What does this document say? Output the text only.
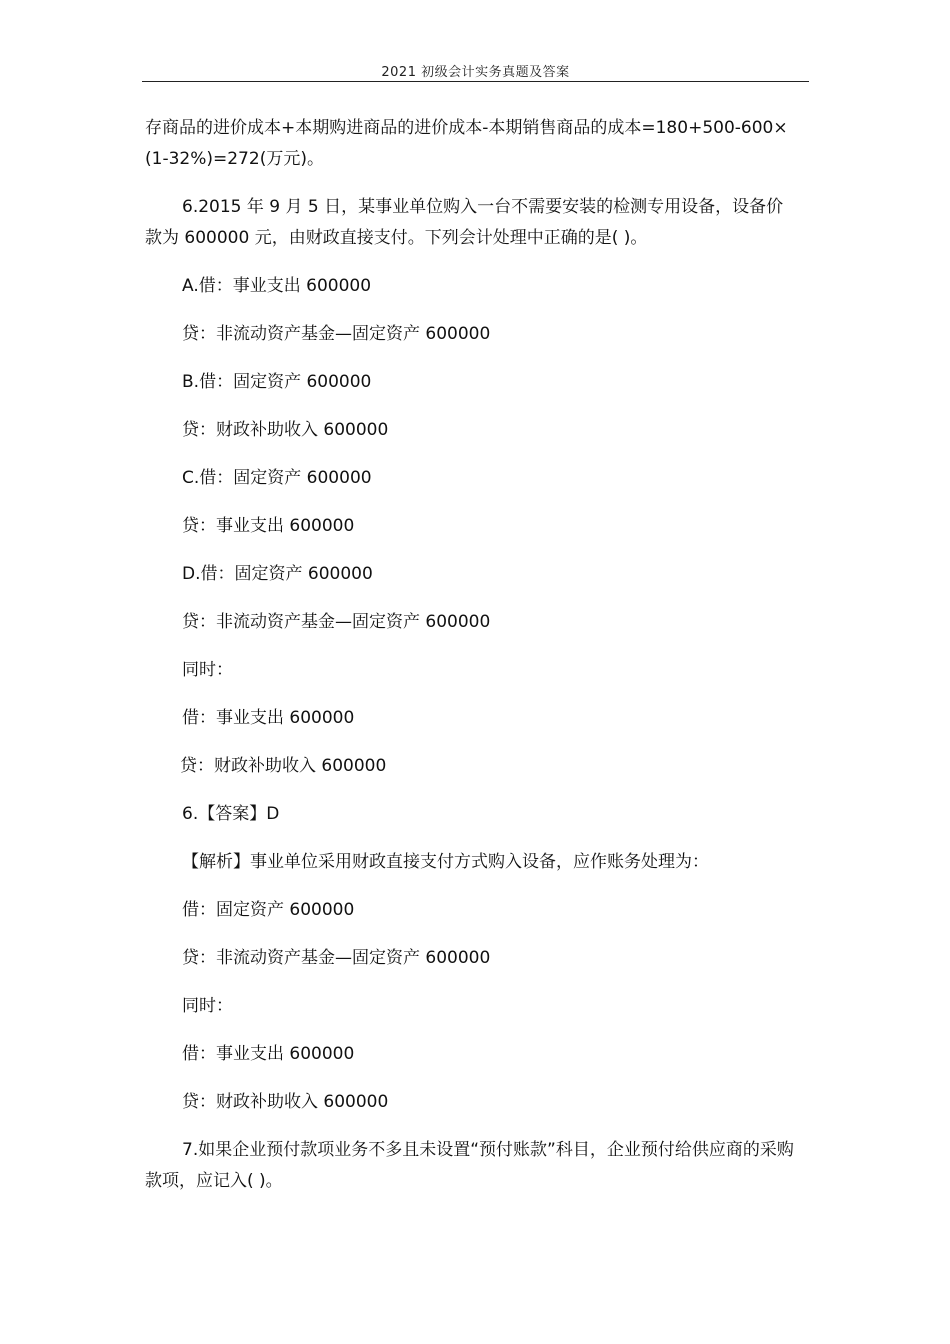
2021 初级会计实务真题及答案

存商品的进价成本+本期购进商品的进价成本-本期销售商品的成本=180+500-600×(1-32%)=272(万元)。

6.2015 年 9 月 5 日，某事业单位购入一台不需要安装的检测专用设备，设备价款为 600000 元，由财政直接支付。下列会计处理中正确的是( )。

A.借：事业支出 600000
贷：非流动资产基金—固定资产 600000
B.借：固定资产 600000
贷：财政补助收入 600000
C.借：固定资产 600000
贷：事业支出 600000
D.借：固定资产 600000
贷：非流动资产基金—固定资产 600000
同时：
借：事业支出 600000
贷：财政补助收入 600000
6.【答案】D
【解析】事业单位采用财政直接支付方式购入设备，应作账务处理为：
借：固定资产 600000
贷：非流动资产基金—固定资产 600000
同时：
借：事业支出 600000
贷：财政补助收入 600000

7.如果企业预付款项业务不多且未设置“预付账款”科目，企业预付给供应商的采购款项，应记入( )。
